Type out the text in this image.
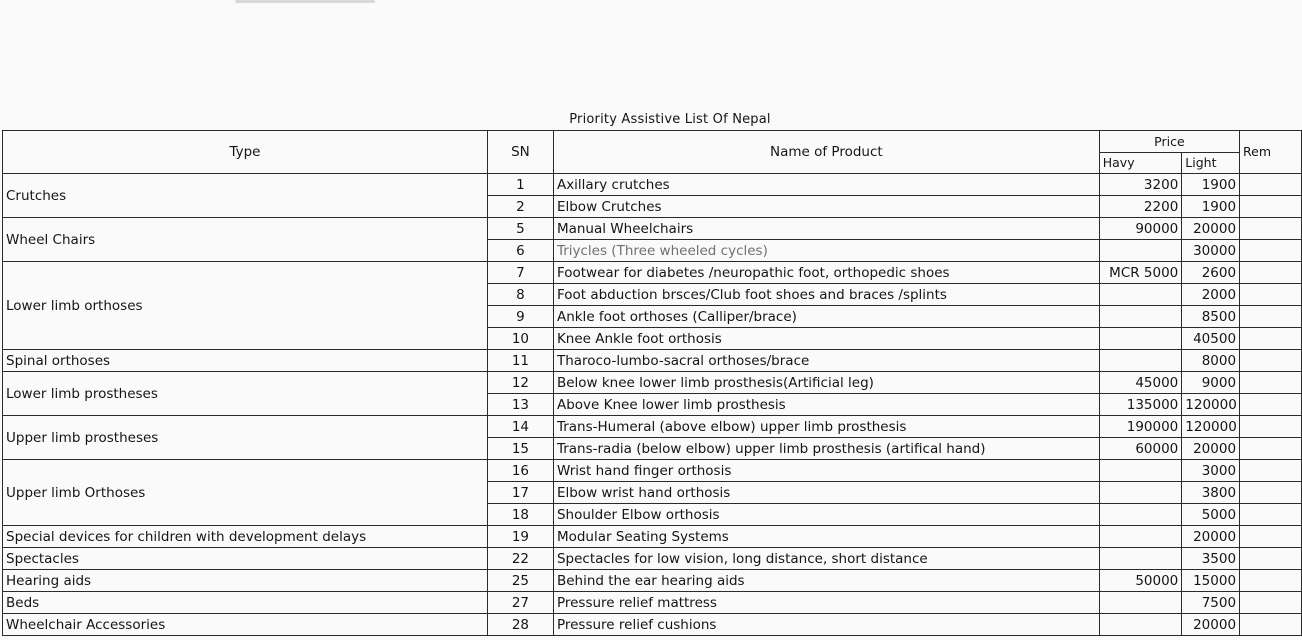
Priority Assistive List Of Nepal
Type	SN	Name of Product	Price		Rem
			Havy	Light	
Crutches	1	Axillary crutches	3200	1900	
	2	Elbow Crutches	2200	1900	
Wheel Chairs	5	Manual Wheelchairs	90000	20000	
	6	Triycles (Three wheeled cycles)		30000	
Lower limb orthoses	7	Footwear for diabetes /neuropathic foot, orthopedic shoes	MCR 5000	2600	
	8	Foot abduction brsces/Club foot shoes and braces /splints		2000	
	9	Ankle foot orthoses (Calliper/brace)		8500	
	10	Knee Ankle foot orthosis		40500	
Spinal orthoses	11	Tharoco-lumbo-sacral orthoses/brace		8000	
Lower limb prostheses	12	Below knee lower limb prosthesis(Artificial leg)	45000	9000	
	13	Above Knee lower limb prosthesis	135000	120000	
Upper limb prostheses	14	Trans-Humeral (above elbow) upper limb prosthesis	190000	120000	
	15	Trans-radia (below elbow) upper limb prosthesis (artifical hand)	60000	20000	
Upper limb Orthoses	16	Wrist hand finger orthosis		3000	
	17	Elbow wrist hand orthosis		3800	
	18	Shoulder Elbow orthosis		5000	
Special devices for children with development delays	19	Modular Seating Systems		20000	
Spectacles	22	Spectacles for low vision, long distance, short distance		3500	
Hearing aids	25	Behind the ear hearing aids	50000	15000	
Beds	27	Pressure relief mattress		7500	
Wheelchair Accessories	28	Pressure relief cushions		20000	
